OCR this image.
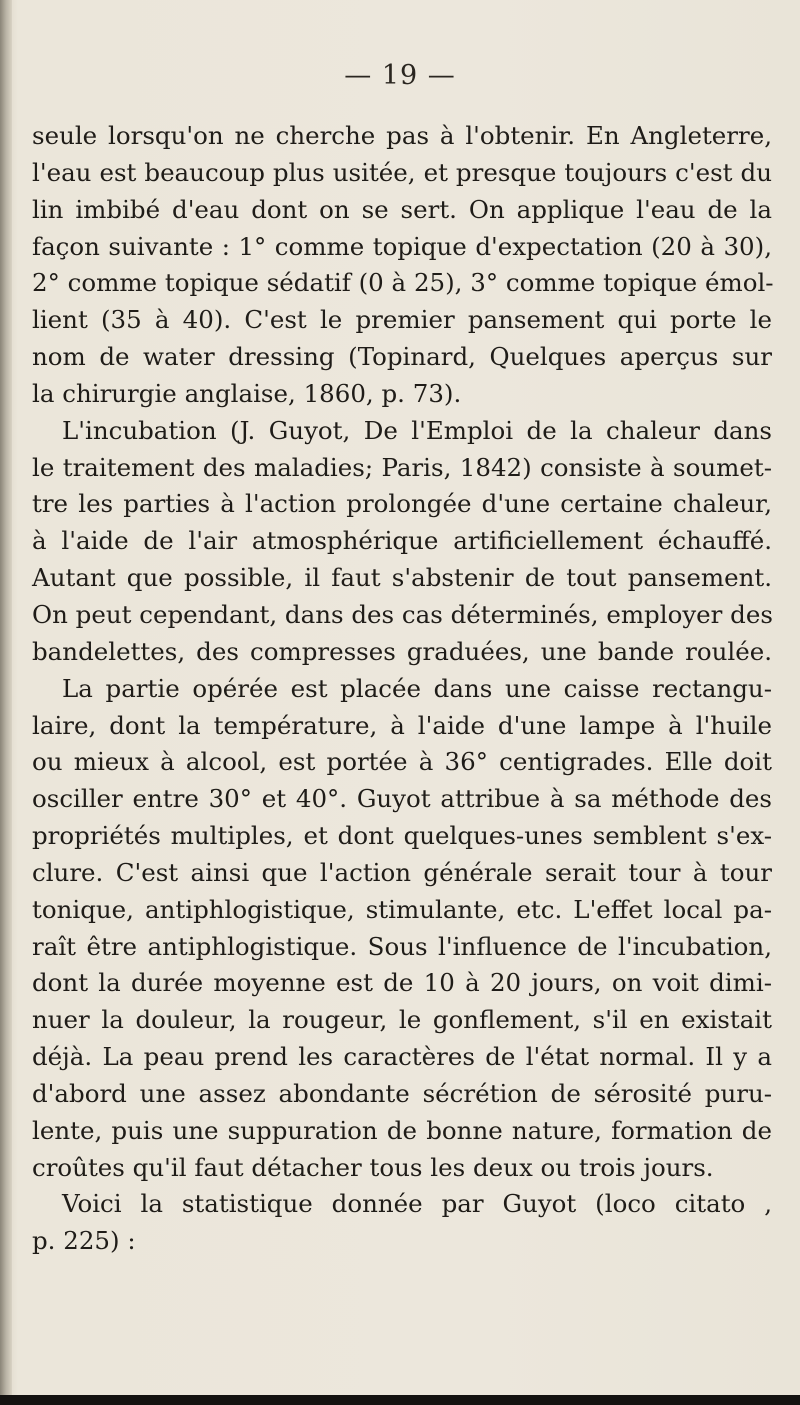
— 19 —
seule lorsqu'on ne cherche pas à l'obtenir. En Angleterre,
l'eau est beaucoup plus usitée, et presque toujours c'est du
lin imbibé d'eau dont on se sert. On applique l'eau de la
façon suivante : 1° comme topique d'expectation (20 à 30),
2° comme topique sédatif (0 à 25), 3° comme topique émol-
lient (35 à 40). C'est le premier pansement qui porte le
nom de water dressing (Topinard, Quelques aperçus sur
la chirurgie anglaise, 1860, p. 73).
L'incubation (J. Guyot, De l'Emploi de la chaleur dans
le traitement des maladies; Paris, 1842) consiste à soumet-
tre les parties à l'action prolongée d'une certaine chaleur,
à l'aide de l'air atmosphérique artificiellement échauffé.
Autant que possible, il faut s'abstenir de tout pansement.
On peut cependant, dans des cas déterminés, employer des
bandelettes, des compresses graduées, une bande roulée.
La partie opérée est placée dans une caisse rectangu-
laire, dont la température, à l'aide d'une lampe à l'huile
ou mieux à alcool, est portée à 36° centigrades. Elle doit
osciller entre 30° et 40°. Guyot attribue à sa méthode des
propriétés multiples, et dont quelques-unes semblent s'ex-
clure. C'est ainsi que l'action générale serait tour à tour
tonique, antiphlogistique, stimulante, etc. L'effet local pa-
raît être antiphlogistique. Sous l'influence de l'incubation,
dont la durée moyenne est de 10 à 20 jours, on voit dimi-
nuer la douleur, la rougeur, le gonflement, s'il en existait
déjà. La peau prend les caractères de l'état normal. Il y a
d'abord une assez abondante sécrétion de sérosité puru-
lente, puis une suppuration de bonne nature, formation de
croûtes qu'il faut détacher tous les deux ou trois jours.
Voici la statistique donnée par Guyot (loco citato ,
p. 225) :
